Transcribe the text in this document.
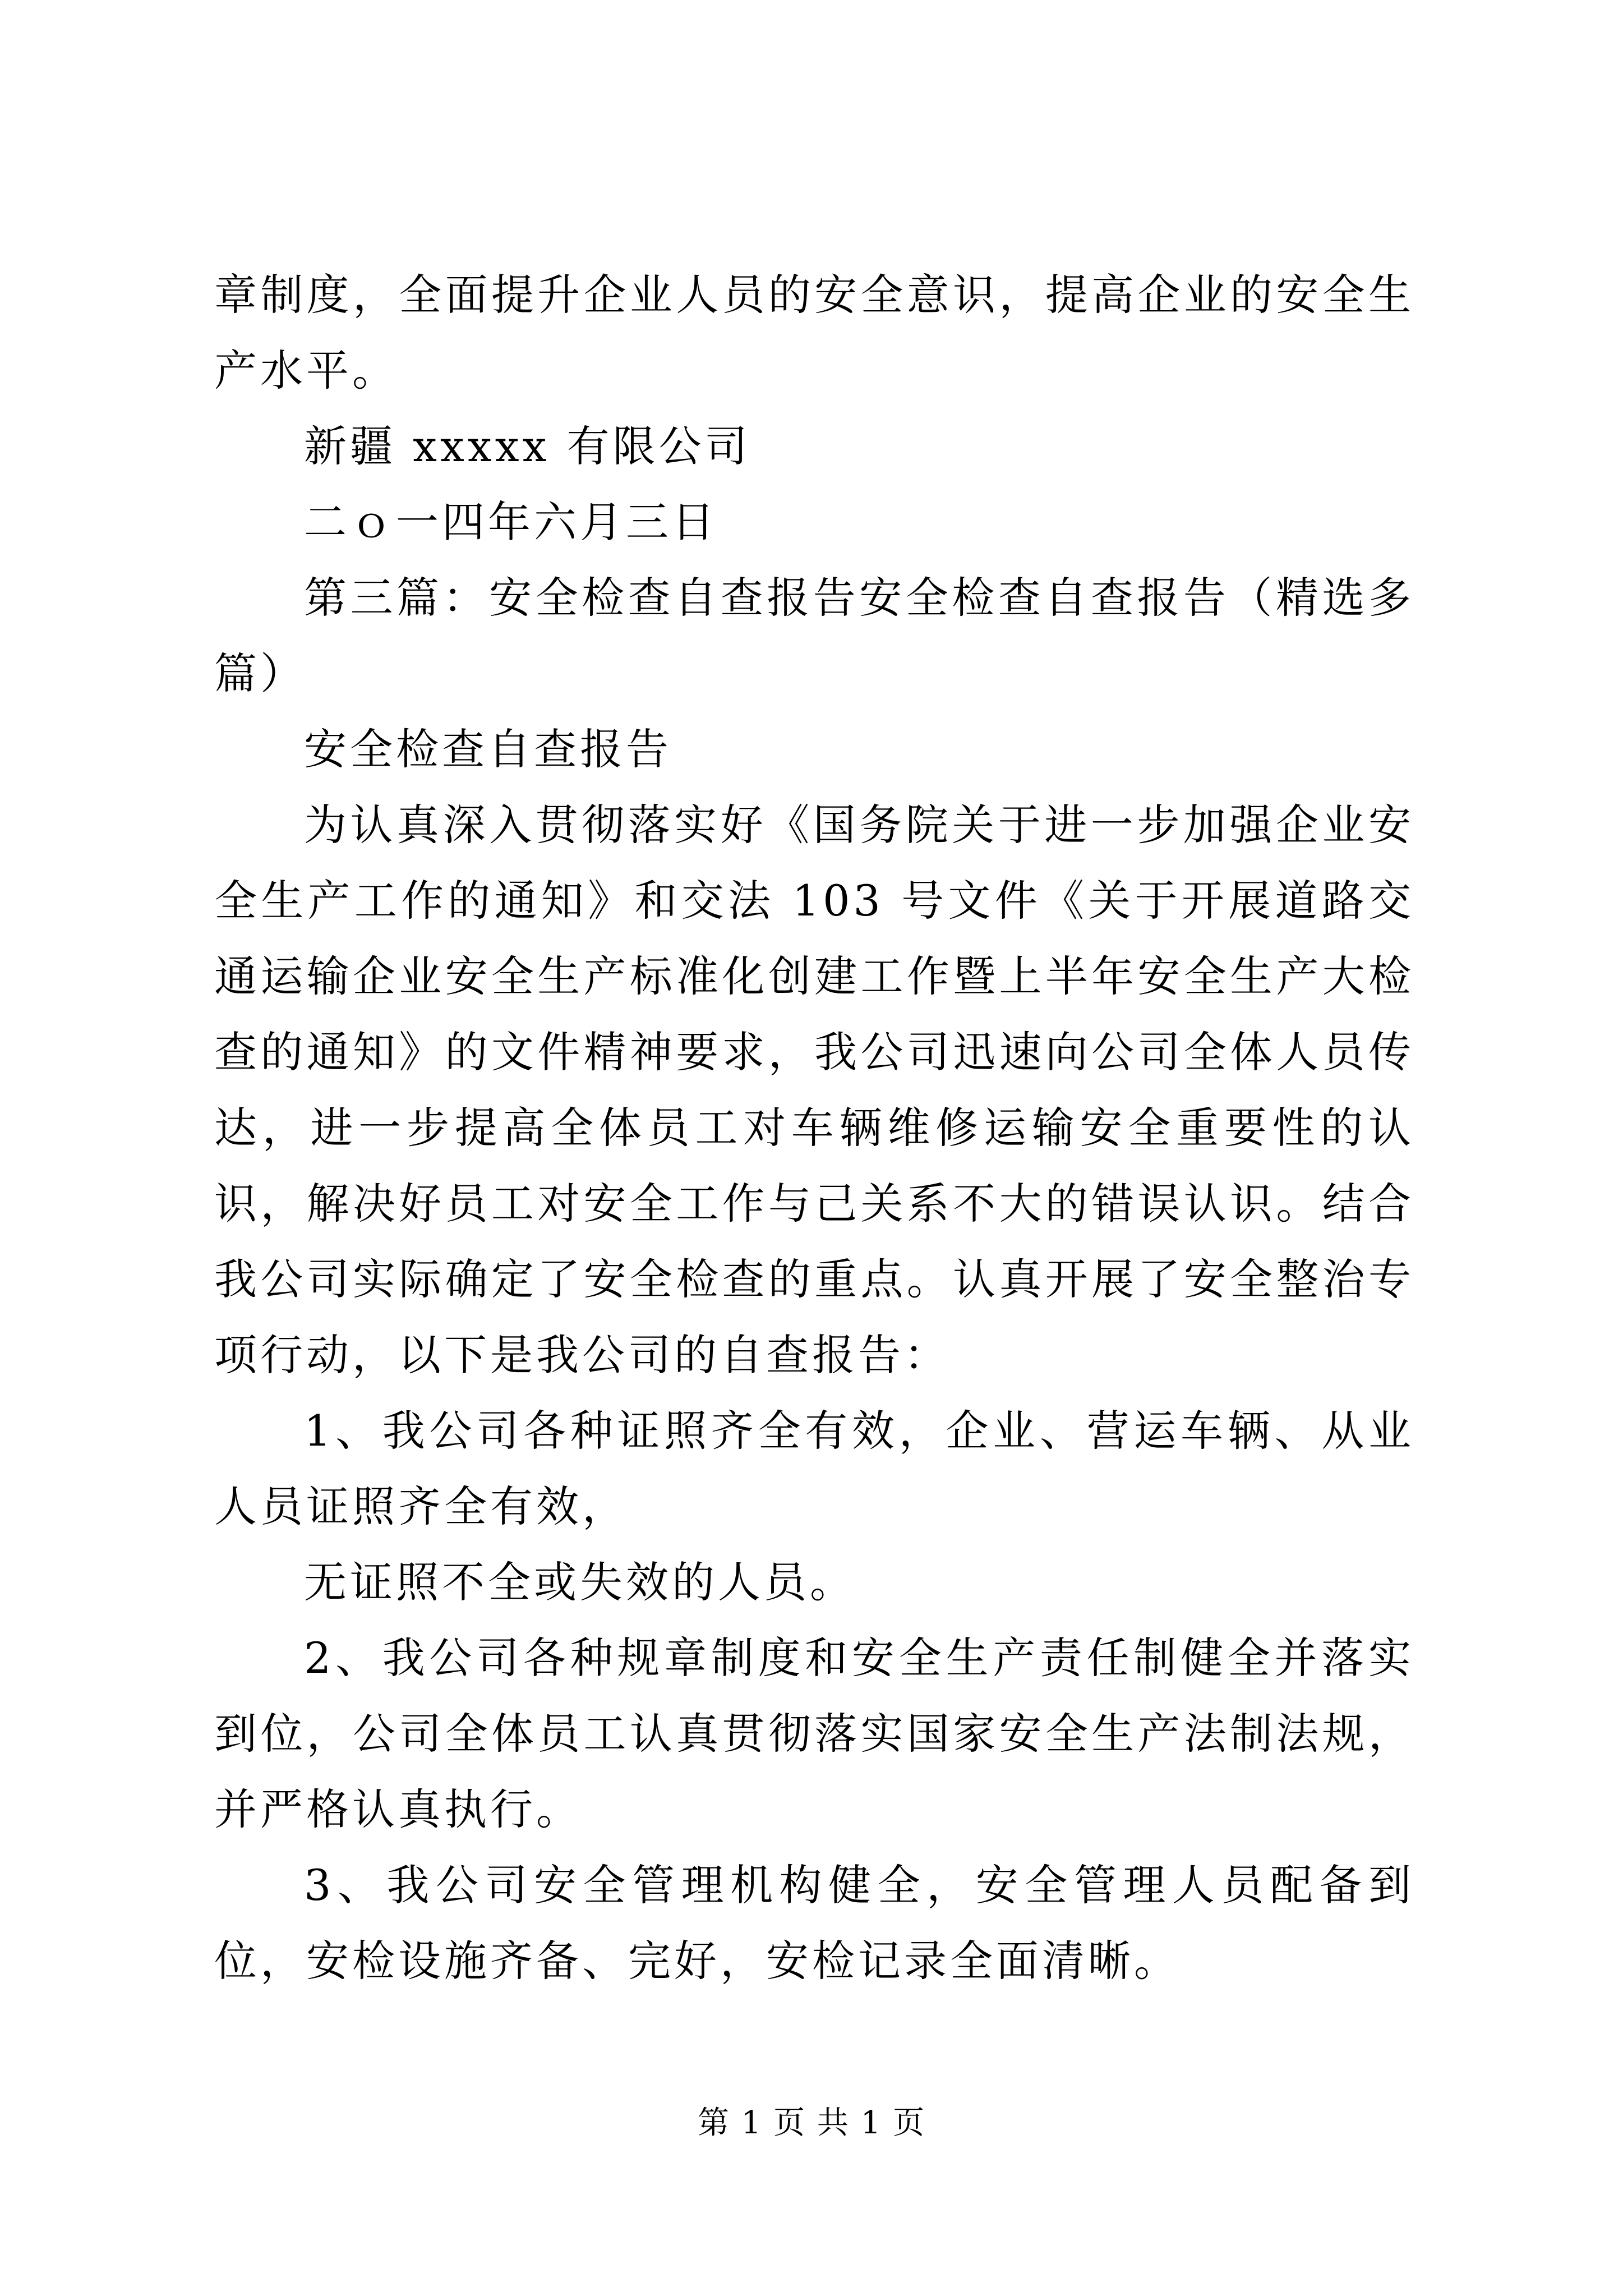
章制度，全面提升企业人员的安全意识，提高企业的安全生产水平。

新疆 xxxxx 有限公司

二ｏ一四年六月三日

第三篇：安全检查自查报告安全检查自查报告（精选多篇）

安全检查自查报告

为认真深入贯彻落实好《国务院关于进一步加强企业安全生产工作的通知》和交法 103 号文件《关于开展道路交通运输企业安全生产标准化创建工作暨上半年安全生产大检查的通知》的文件精神要求，我公司迅速向公司全体人员传达，进一步提高全体员工对车辆维修运输安全重要性的认识，解决好员工对安全工作与己关系不大的错误认识。结合我公司实际确定了安全检查的重点。认真开展了安全整治专项行动，以下是我公司的自查报告：

1、我公司各种证照齐全有效，企业、营运车辆、从业人员证照齐全有效，

无证照不全或失效的人员。

2、我公司各种规章制度和安全生产责任制健全并落实到位，公司全体员工认真贯彻落实国家安全生产法制法规，并严格认真执行。

3、我公司安全管理机构健全，安全管理人员配备到位，安检设施齐备、完好，安检记录全面清晰。

第 1 页 共 1 页
